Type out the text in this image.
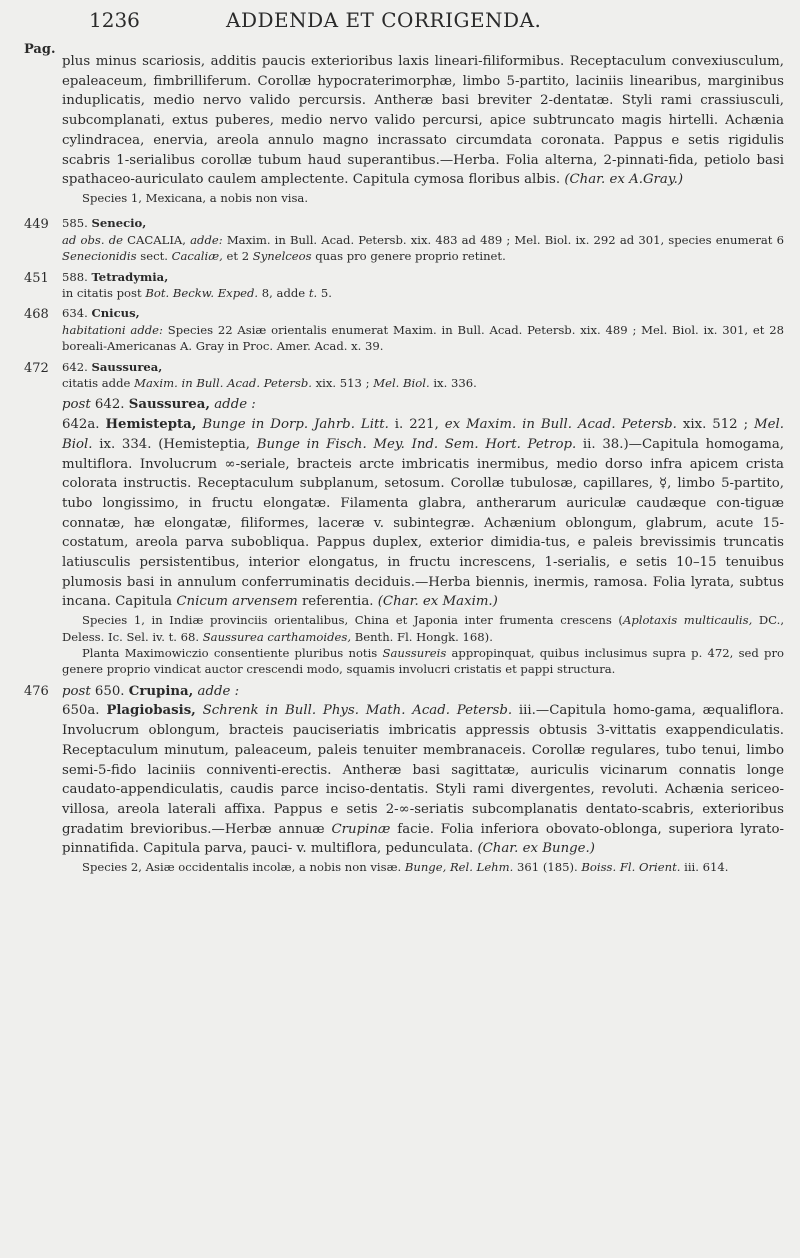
1236	ADDENDA ET CORRIGENDA.
Pag.
plus minus scariosis, additis paucis exterioribus laxis lineari-filiformibus. Receptaculum convexiusculum, epaleaceum, fimbrilliferum. Corollæ hypocraterimorphæ, limbo 5-partito, laciniis linearibus, marginibus induplicatis, medio nervo valido percursis. Antheræ basi breviter 2-dentatæ. Styli rami crassiusculi, subcomplanati, extus puberes, medio nervo valido percursi, apice subtruncato magis hirtelli. Achænia cylindracea, enervia, areola annulo magno incrassato circumdata coronata. Pappus e setis rigidulis scabris 1-serialibus corollæ tubum haud superantibus.—Herba. Folia alterna, 2-pinnati-fida, petiolo basi spathaceo-auriculato caulem amplectente. Capitula cymosa floribus albis. (Char. ex A.Gray.)
Species 1, Mexicana, a nobis non visa.
449	585. Senecio,
ad obs. de CACALIA, adde: Maxim. in Bull. Acad. Petersb. xix. 483 ad 489 ; Mel. Biol. ix. 292 ad 301, species enumerat 6 Senecionidis sect. Cacaliæ, et 2 Synelceos quas pro genere proprio retinet.
451	588. Tetradymia,
in citatis post Bot. Beckw. Exped. 8, adde t. 5.
468	634. Cnicus,
habitationi adde: Species 22 Asiæ orientalis enumerat Maxim. in Bull. Acad. Petersb. xix. 489 ; Mel. Biol. ix. 301, et 28 boreali-Americanas A. Gray in Proc. Amer. Acad. x. 39.
472	642. Saussurea,
citatis adde Maxim. in Bull. Acad. Petersb. xix. 513 ; Mel. Biol. ix. 336.
post 642. Saussurea, adde :
642a. Hemistepta, Bunge in Dorp. Jahrb. Litt. i. 221, ex Maxim. in Bull. Acad. Petersb. xix. 512 ; Mel. Biol. ix. 334. (Hemisteptia, Bunge in Fisch. Mey. Ind. Sem. Hort. Petrop. ii. 38.)—Capitula homogama, multiflora. Involucrum ∞-seriale, bracteis arcte imbricatis inermibus, medio dorso infra apicem crista colorata instructis. Receptaculum subplanum, setosum. Corollæ tubulosæ, capillares, ☿, limbo 5-partito, tubo longissimo, in fructu elongatæ. Filamenta glabra, antherarum auriculæ caudæque con-tiguæ connatæ, hæ elongatæ, filiformes, laceræ v. subintegræ. Achænium oblongum, glabrum, acute 15-costatum, areola parva subobliqua. Pappus duplex, exterior dimidia-tus, e paleis brevissimis truncatis latiusculis persistentibus, interior elongatus, in fructu increscens, 1-serialis, e setis 10–15 tenuibus plumosis basi in annulum conferruminatis deciduis.—Herba biennis, inermis, ramosa. Folia lyrata, subtus incana. Capitula Cnicum arvensem referentia. (Char. ex Maxim.)
Species 1, in Indiæ provinciis orientalibus, China et Japonia inter frumenta crescens (Aplotaxis multicaulis, DC., Deless. Ic. Sel. iv. t. 68. Saussurea carthamoides, Benth. Fl. Hongk. 168).
Planta Maximowiczio consentiente pluribus notis Saussureis appropinquat, quibus inclusimus supra p. 472, sed pro genere proprio vindicat auctor crescendi modo, squamis involucri cristatis et pappi structura.
476 post 650. Crupina, adde :
650a. Plagiobasis, Schrenk in Bull. Phys. Math. Acad. Petersb. iii.—Capitula homo-gama, æqualiflora. Involucrum oblongum, bracteis pauciseriatis imbricatis appressis obtusis 3-vittatis exappendiculatis. Receptaculum minutum, paleaceum, paleis tenuiter membranaceis. Corollæ regulares, tubo tenui, limbo semi-5-fido laciniis conniventi-erectis. Antheræ basi sagittatæ, auriculis vicinarum connatis longe caudato-appendiculatis, caudis parce inciso-dentatis. Styli rami divergentes, revoluti. Achænia sericeo-villosa, areola laterali affixa. Pappus e setis 2-∞-seriatis subcomplanatis dentato-scabris, exterioribus gradatim brevioribus.—Herbæ annuæ Crupinæ facie. Folia inferiora obovato-oblonga, superiora lyrato-pinnatifida. Capitula parva, pauci- v. multiflora, pedunculata. (Char. ex Bunge.)
Species 2, Asiæ occidentalis incolæ, a nobis non visæ. Bunge, Rel. Lehm. 361 (185). Boiss. Fl. Orient. iii. 614.
